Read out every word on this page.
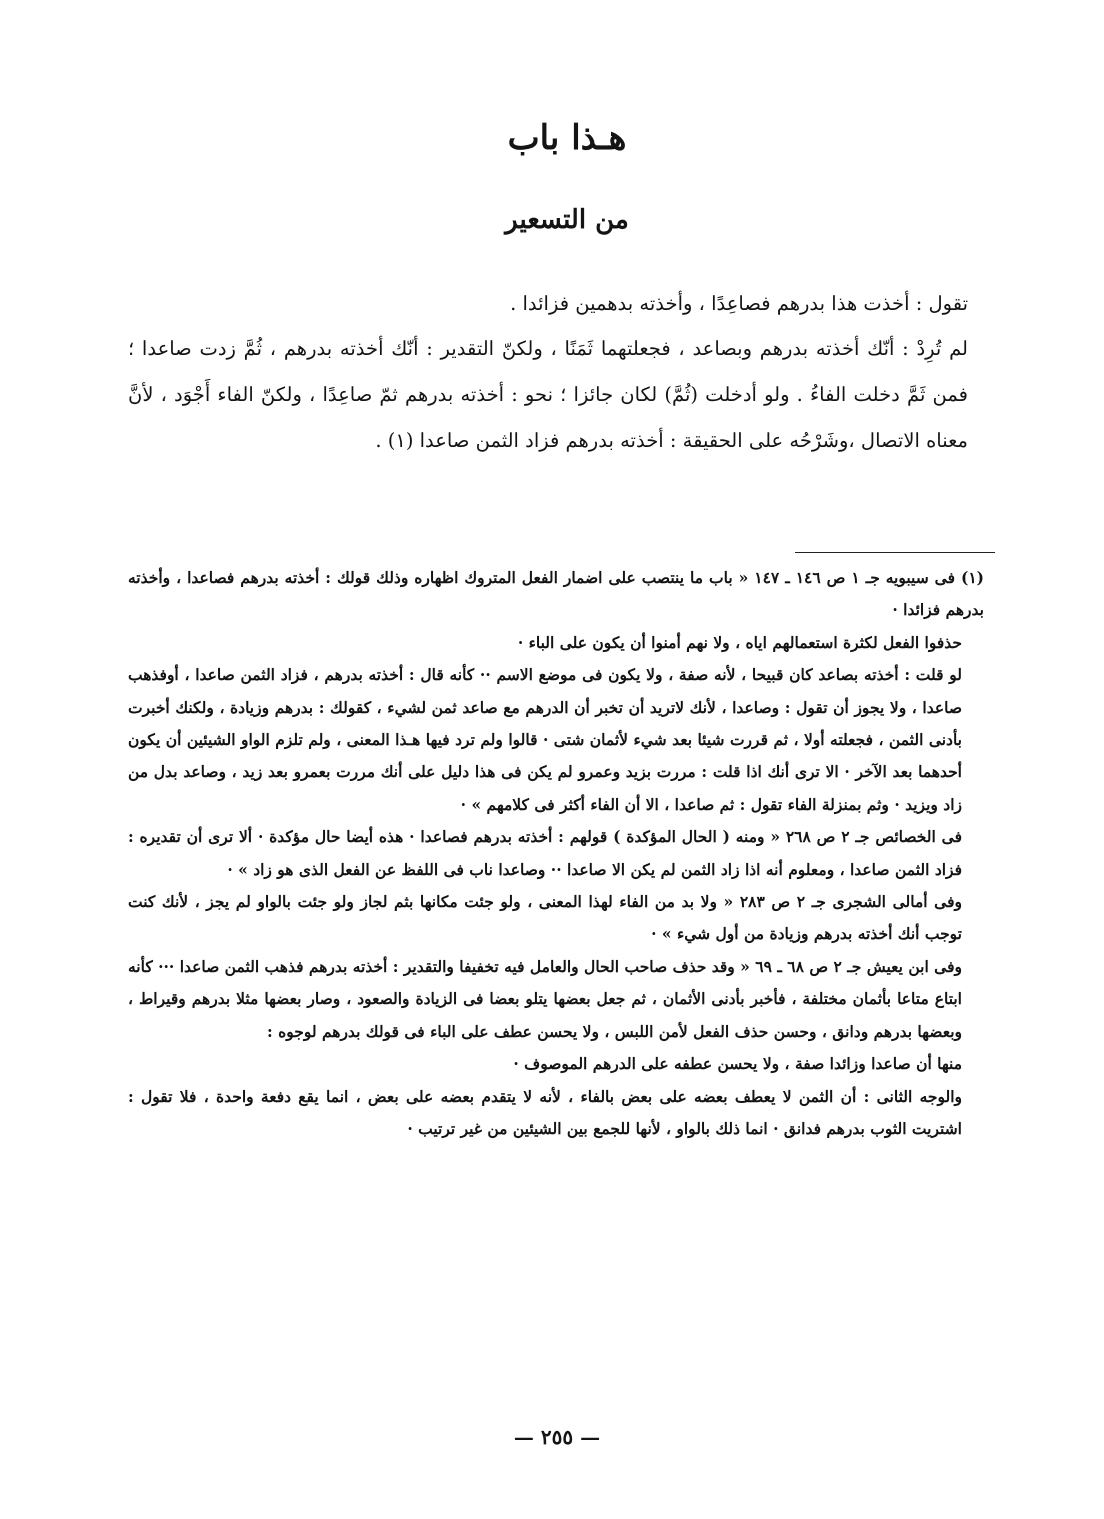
هـذا باب
من التسعير

تقول : أخذت هذا بدرهم فصاعِدًا ، وأخذته بدهمين فزائدا .

لم تُرِدْ : أنّك أخذته بدرهم وبصاعد ، فجعلتهما ثَمَنًا ، ولكنّ التقدير : أنّك أخذته بدرهم ، ثُمَّ زدت صاعدا ؛ فمن ثَمَّ دخلت الفاءُ . ولو أدخلت (ثُمَّ) لكان جائزا ؛ نحو : أخذته بدرهم ثمّ صاعِدًا ، ولكنّ الفاء أَجْوَد ، لأنَّ معناه الاتصال ،وشَرْحُه على الحقيقة : أخذته بدرهم فزاد الثمن صاعدا (١) .

(١) فى سيبويه جـ ١ ص ١٤٦ ـ ١٤٧ « باب ما ينتصب على اضمار الفعل المتروك اظهاره وذلك قولك : أخذته بدرهم فصاعدا ، وأخذته بدرهم فزائدا ·

حذفوا الفعل لكثرة استعمالهم اياه ، ولا نهم أمنوا أن يكون على الباء ·

لو قلت : أخذته بصاعد كان قبيحا ، لأنه صفة ، ولا يكون فى موضع الاسم ·· كأنه قال : أخذته بدرهم ، فزاد الثمن صاعدا ، أوفذهب صاعدا ، ولا يجوز أن تقول : وصاعدا ، لأنك لاتريد أن تخبر أن الدرهم مع صاعد ثمن لشيء ، كقولك : بدرهم وزيادة ، ولكنك أخبرت بأدنى الثمن ، فجعلته أولا ، ثم قررت شيئا بعد شيء لأثمان شتى · قالوا ولم ترد فيها هـذا المعنى ، ولم تلزم الواو الشيئين أن يكون أحدهما بعد الآخر · الا ترى أنك اذا قلت : مررت بزيد وعمرو لم يكن فى هذا دليل على أنك مررت بعمرو بعد زيد ، وصاعد بدل من زاد ويزيد · وثم بمنزلة الفاء تقول : ثم صاعدا ، الا أن الفاء أكثر فى كلامهم » ·

فى الخصائص جـ ٢ ص ٢٦٨ « ومنه ( الحال المؤكدة ) قولهم : أخذته بدرهم فصاعدا · هذه أيضا حال مؤكدة · ألا ترى أن تقديره : فزاد الثمن صاعدا ، ومعلوم أنه اذا زاد الثمن لم يكن الا صاعدا ·· وصاعدا ناب فى اللفظ عن الفعل الذى هو زاد » ·

وفى أمالى الشجرى جـ ٢ ص ٢٨٣ « ولا بد من الفاء لهذا المعنى ، ولو جئت مكانها بثم لجاز ولو جئت بالواو لم يجز ، لأنك كنت توجب أنك أخذته بدرهم وزيادة من أول شيء » ·

وفى ابن يعيش جـ ٢ ص ٦٨ ـ ٦٩ « وقد حذف صاحب الحال والعامل فيه تخفيفا والتقدير : أخذته بدرهم فذهب الثمن صاعدا ··· كأنه ابتاع متاعا بأثمان مختلفة ، فأخبر بأدنى الأثمان ، ثم جعل بعضها يتلو بعضا فى الزيادة والصعود ، وصار بعضها مثلا بدرهم وقيراط ، وبعضها بدرهم ودانق ، وحسن حذف الفعل لأمن اللبس ، ولا يحسن عطف على الباء فى قولك بدرهم لوجوه :

منها أن صاعدا وزائدا صفة ، ولا يحسن عطفه على الدرهم الموصوف ·

والوجه الثانى : أن الثمن لا يعطف بعضه على بعض بالفاء ، لأنه لا يتقدم بعضه على بعض ، انما يقع دفعة واحدة ، فلا تقول : اشتريت الثوب بدرهم فدانق · انما ذلك بالواو ، لأنها للجمع بين الشيئين من غير ترتيب ·

— ٢٥٥ —
